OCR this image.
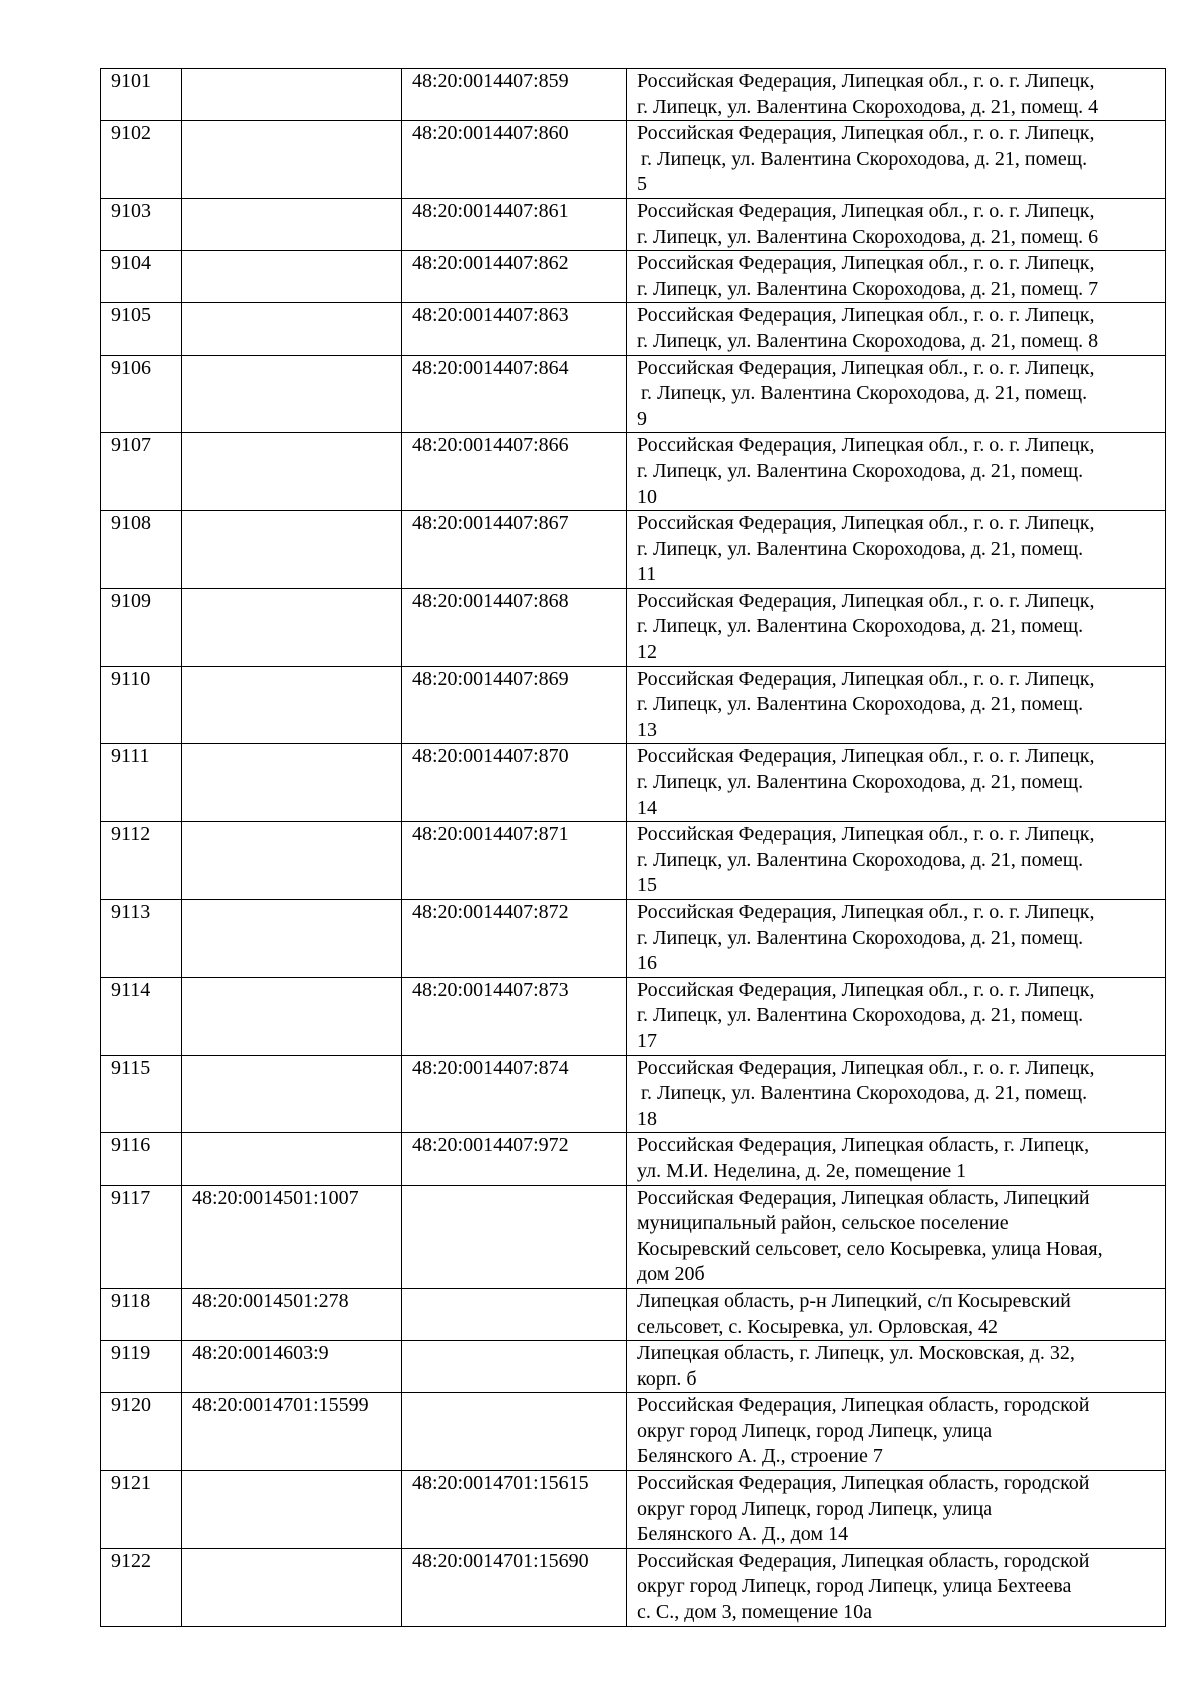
9101		48:20:0014407:859	Российская Федерация, Липецкая обл., г. о. г. Липецк,
г. Липецк, ул. Валентина Скороходова, д. 21, помещ. 4

9102		48:20:0014407:860	Российская Федерация, Липецкая обл., г. о. г. Липецк,
г. Липецк, ул. Валентина Скороходова, д. 21, помещ.
5

9103		48:20:0014407:861	Российская Федерация, Липецкая обл., г. о. г. Липецк,
г. Липецк, ул. Валентина Скороходова, д. 21, помещ. 6

9104		48:20:0014407:862	Российская Федерация, Липецкая обл., г. о. г. Липецк,
г. Липецк, ул. Валентина Скороходова, д. 21, помещ. 7

9105		48:20:0014407:863	Российская Федерация, Липецкая обл., г. о. г. Липецк,
г. Липецк, ул. Валентина Скороходова, д. 21, помещ. 8

9106		48:20:0014407:864	Российская Федерация, Липецкая обл., г. о. г. Липецк,
г. Липецк, ул. Валентина Скороходова, д. 21, помещ.
9

9107		48:20:0014407:866	Российская Федерация, Липецкая обл., г. о. г. Липецк,
г. Липецк, ул. Валентина Скороходова, д. 21, помещ.
10

9108		48:20:0014407:867	Российская Федерация, Липецкая обл., г. о. г. Липецк,
г. Липецк, ул. Валентина Скороходова, д. 21, помещ.
11

9109		48:20:0014407:868	Российская Федерация, Липецкая обл., г. о. г. Липецк,
г. Липецк, ул. Валентина Скороходова, д. 21, помещ.
12

9110		48:20:0014407:869	Российская Федерация, Липецкая обл., г. о. г. Липецк,
г. Липецк, ул. Валентина Скороходова, д. 21, помещ.
13

9111		48:20:0014407:870	Российская Федерация, Липецкая обл., г. о. г. Липецк,
г. Липецк, ул. Валентина Скороходова, д. 21, помещ.
14

9112		48:20:0014407:871	Российская Федерация, Липецкая обл., г. о. г. Липецк,
г. Липецк, ул. Валентина Скороходова, д. 21, помещ.
15

9113		48:20:0014407:872	Российская Федерация, Липецкая обл., г. о. г. Липецк,
г. Липецк, ул. Валентина Скороходова, д. 21, помещ.
16

9114		48:20:0014407:873	Российская Федерация, Липецкая обл., г. о. г. Липецк,
г. Липецк, ул. Валентина Скороходова, д. 21, помещ.
17

9115		48:20:0014407:874	Российская Федерация, Липецкая обл., г. о. г. Липецк,
г. Липецк, ул. Валентина Скороходова, д. 21, помещ.
18

9116		48:20:0014407:972	Российская Федерация, Липецкая область, г. Липецк,
ул. М.И. Неделина, д. 2е, помещение 1

9117	48:20:0014501:1007		Российская Федерация, Липецкая область, Липецкий
муниципальный район, сельское поселение
Косыревский сельсовет, село Косыревка, улица Новая,
дом 20б

9118	48:20:0014501:278		Липецкая область, р-н Липецкий, с/п Косыревский
сельсовет, с. Косыревка, ул. Орловская, 42

9119	48:20:0014603:9		Липецкая область, г. Липецк, ул. Московская, д. 32,
корп. б

9120	48:20:0014701:15599		Российская Федерация, Липецкая область, городской
округ город Липецк, город Липецк, улица
Белянского А. Д., строение 7

9121		48:20:0014701:15615	Российская Федерация, Липецкая область, городской
округ город Липецк, город Липецк, улица
Белянского А. Д., дом 14

9122		48:20:0014701:15690	Российская Федерация, Липецкая область, городской
округ город Липецк, город Липецк, улица Бехтеева
с. С., дом 3, помещение 10а
